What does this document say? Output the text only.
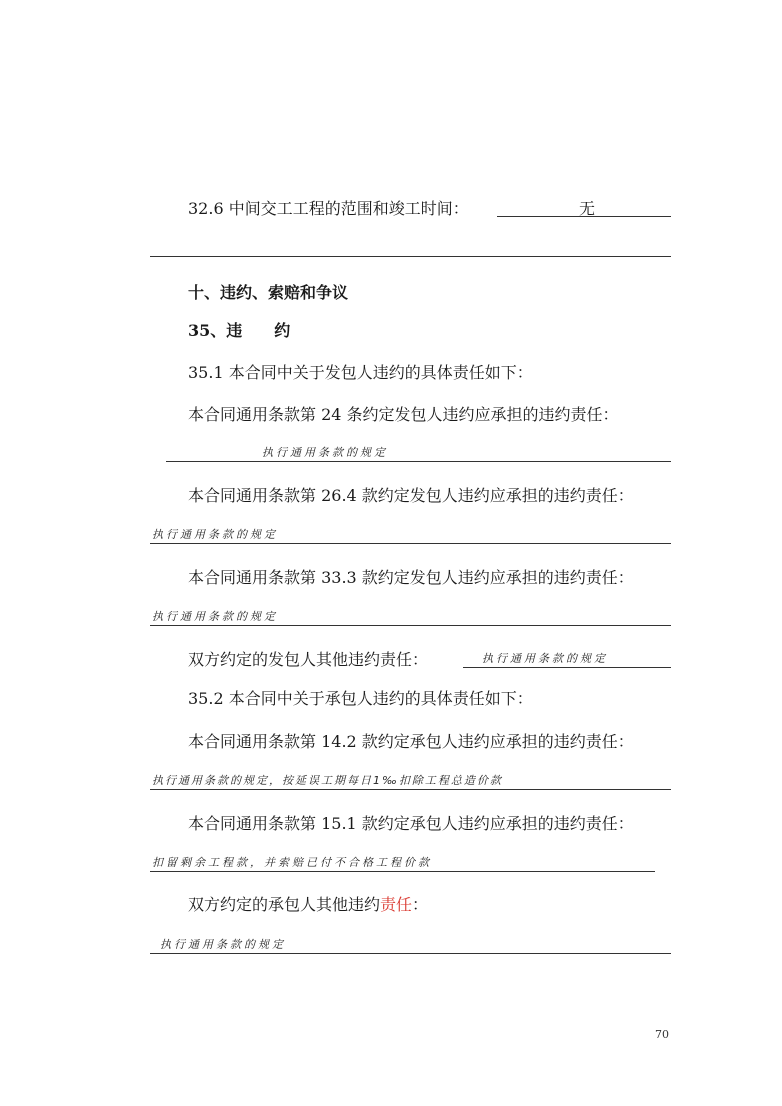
32.6 中间交工工程的范围和竣工时间：	无
十、违约、索赔和争议
35、违　　约
35.1 本合同中关于发包人违约的具体责任如下：
本合同通用条款第 24 条约定发包人违约应承担的违约责任：
执行通用条款的规定
本合同通用条款第 26.4 款约定发包人违约应承担的违约责任：
执行通用条款的规定
本合同通用条款第 33.3 款约定发包人违约应承担的违约责任：
执行通用条款的规定
双方约定的发包人其他违约责任：	执行通用条款的规定
35.2 本合同中关于承包人违约的具体责任如下：
本合同通用条款第 14.2 款约定承包人违约应承担的违约责任：
执行通用条款的规定，按延误工期每日1‰扣除工程总造价款
本合同通用条款第 15.1 款约定承包人违约应承担的违约责任：
扣留剩余工程款，并索赔已付不合格工程价款
双方约定的承包人其他违约责任：
执行通用条款的规定
70
